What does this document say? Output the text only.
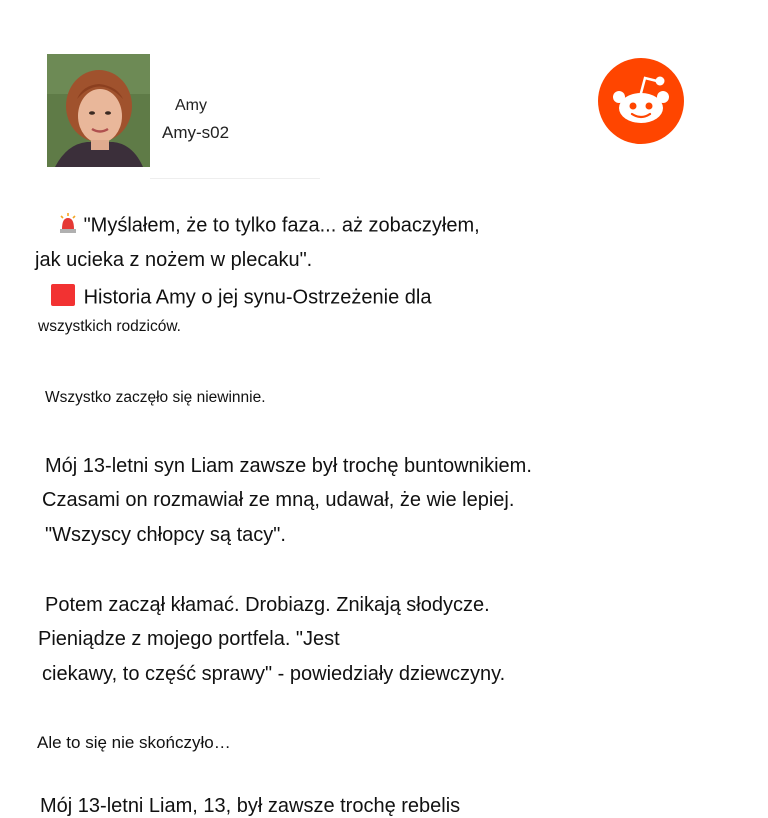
Amy
Amy-s02
"Myślałem, że to tylko faza... aż zobaczyłem,
jak ucieka z nożem w plecaku".
Historia Amy o jej synu-Ostrzeżenie dla
wszystkich rodziców.
Wszystko zaczęło się niewinnie.
Mój 13-letni syn Liam zawsze był trochę buntownikiem.
Czasami on rozmawiał ze mną, udawał, że wie lepiej.
"Wszyscy chłopcy są tacy".
Potem zaczął kłamać. Drobiazg. Znikają słodycze.
Pieniądze z mojego portfela. "Jest
ciekawy, to część sprawy" - powiedziały dziewczyny.
Ale to się nie skończyło…
Mój 13-letni Liam, 13, był zawsze trochę rebelis
